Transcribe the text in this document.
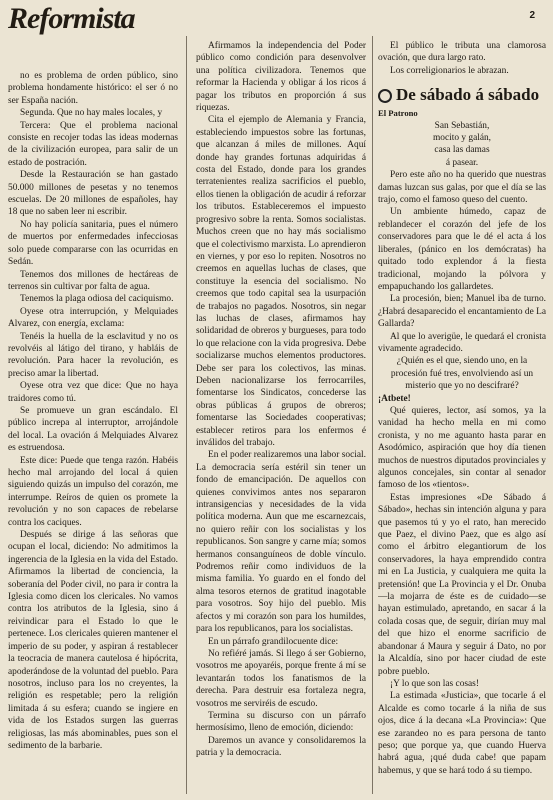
Reformista	2

no es problema de orden público, sino problema hondamente histórico: el ser ó no ser España nación.

Segunda. Que no hay males locales, y

Tercera: Que el problema nacional consiste en recojer todas las ideas modernas de la civilización europea, para salir de un estado de postración.

Desde la Restauración se han gastado 50.000 millones de pesetas y no tenemos escuelas. De 20 millones de españoles, hay 18 que no saben leer ni escribir.

No hay policía sanitaria, pues el número de muertos por enfermedades infecciosas solo puede compararse con las ocurridas en Sedán.

Tenemos dos millones de hectáreas de terrenos sin cultivar por falta de agua.

Tenemos la plaga odiosa del caciquismo.

Oyese otra interrupción, y Melquiades Alvarez, con energía, exclama:

Tenéis la huella de la esclavitud y no os revolvéis al látigo del tirano, y habláis de revolución. Para hacer la revolución, es preciso amar la libertad.

Oyese otra vez que dice: Que no haya traidores como tú.

Se promueve un gran escándalo. El público increpa al interruptor, arrojándole del local. La ovación á Melquiades Alvarez es estruendosa.

Este dice: Puede que tenga razón. Habéis hecho mal arrojando del local á quien siguiendo quizás un impulso del corazón, me interrumpe. Reíros de quien os promete la revolución y no son capaces de rebelarse contra los caciques.

Después se dirige á las señoras que ocupan el local, diciendo: No admitimos la ingerencia de la Iglesia en la vida del Estado. Afirmamos la libertad de conciencia, la soberanía del Poder civil, no para ir contra la Iglesia como dicen los clericales. No vamos contra los atributos de la Iglesia, sino á reivindicar para el Estado lo que le pertenece. Los clericales quieren mantener el imperio de su poder, y aspiran á restablecer la teocracia de manera cautelosa é hipócrita, apoderándose de la voluntad del pueblo. Para nosotros, incluso para los no creyentes, la religión es respetable; pero la religión limitada á su esfera; cuando se ingiere en vida de los Estados surgen las guerras religiosas, las más abominables, pues son el sedimento de la barbarie.

Afirmamos la independencia del Poder público como condición para desenvolver una política civilizadora. Tenemos que reformar la Hacienda y obligar á los ricos á pagar los tributos en proporción á sus riquezas.

Cita el ejemplo de Alemania y Francia, estableciendo impuestos sobre las fortunas, que alcanzan á miles de millones. Aquí donde hay grandes fortunas adquiridas á costa del Estado, donde para los grandes terratenientes realiza sacrificios el pueblo, ellos tienen la obligación de acudir á reforzar los tributos. Estableceremos el impuesto progresivo sobre la renta. Somos socialistas. Muchos creen que no hay más socialismo que el colectivismo marxista. Lo aprendieron en viernes, y por eso lo repiten. Nosotros no creemos en aquellas luchas de clases, que constituye la esencia del socialismo. No creemos que todo capital sea la usurpación de trabajos no pagados. Nosotros, sin negar las luchas de clases, afirmamos hay solidaridad de obreros y burgueses, para todo lo que relacione con la vida progresiva. Debe socializarse muchos elementos productores. Debe ser para los colectivos, las minas. Deben nacionalizarse los ferrocarriles, fomentarse los Sindicatos, concederse las obras públicas á grupos de obreros; fomentarse las Sociedades cooperativas; establecer retiros para los enfermos é inválidos del trabajo.

En el poder realizaremos una labor social. La democracia sería estéril sin tener un fondo de emancipación. De aquellos con quienes convivimos antes nos separaron intransigencias y necesidades de la vida política moderna. Aun que me escarnezcais, no quiero reñir con los socialistas y los republicanos. Son sangre y carne mía; somos hermanos consanguíneos de doble vínculo. Podremos reñir como individuos de la misma familia. Yo guardo en el fondo del alma tesoros eternos de gratitud inagotable para vosotros. Soy hijo del pueblo. Mis afectos y mi corazón son para los humildes, para los republicanos, para los socialistas.

En un párrafo grandilocuente dice:

No refiéré jamás. Si llego á ser Gobierno, vosotros me apoyaréis, porque frente á mí se levantarán todos los fanatismos de la derecha. Para destruir esa fortaleza negra, vosotros me serviréis de escudo.

Termina su discurso con un párrafo hermosísimo, lleno de emoción, diciendo:

Daremos un avance y consolidaremos la patria y la democracia.

El público le tributa una clamorosa ovación, que dura largo rato.

Los correligionarios le abrazan.

De sábado á sábado

El Patrono

San Sebastián,

mocito y galán,

casa las damas

á pasear.

Pero este año no ha querido que nuestras damas luzcan sus galas, por que el día se las trajo, como el famoso queso del cuento.

Un ambiente húmedo, capaz de reblandecer el corazón del jefe de los conservadores para que le dé el acta á los liberales, (pánico en los demócratas) ha quitado todo explendor á la fiesta tradicional, mojando la pólvora y empapuchando los gallardetes.

La procesión, bien; Manuel iba de turno. ¿Habrá desaparecido el encantamiento de La Gallarda?

Al que lo averigüe, le quedará el cronista vivamente agradecido.

¿Quién es el que, siendo uno, en la procesión fué tres, envolviendo así un misterio que yo no descifraré?

¡Atbete!

Qué quieres, lector, así somos, ya la vanidad ha hecho mella en mi como cronista, y no me aguanto hasta parar en Asodómico, aspiración que hoy día tienen muchos de nuestros diputados provinciales y algunos concejales, sin contar al senador famoso de los «tientos».

Estas impresiones «De Sábado á Sábado», hechas sin intención alguna y para que pasemos tú y yo el rato, han merecido que Paez, el divino Paez, que es algo así como el árbitro elegantiorum de los conservadores, la haya emprendido contra mi en La Justicia, y cualquiera me quita la pretensión! que La Provincia y el Dr. Onuba—la mojarra de éste es de cuidado—se hayan estimulado, apretando, en sacar á la colada cosas que, de seguir, dirían muy mal del que hizo el enorme sacrificio de abandonar á Maura y seguir á Dato, no por la Alcaldía, sino por hacer ciudad de este pobre pueblo.

¡Y lo que son las cosas!

La estimada «Justicia», que tocarle á el Alcalde es como tocarle á la niña de sus ojos, dice á la decana «La Provincia»: Que ese zarandeo no es para persona de tanto peso; que porque ya, que cuando Huerva habrá agua, ¡qué duda cabe! que papam habemus, y que se hará todo á su tiempo.
